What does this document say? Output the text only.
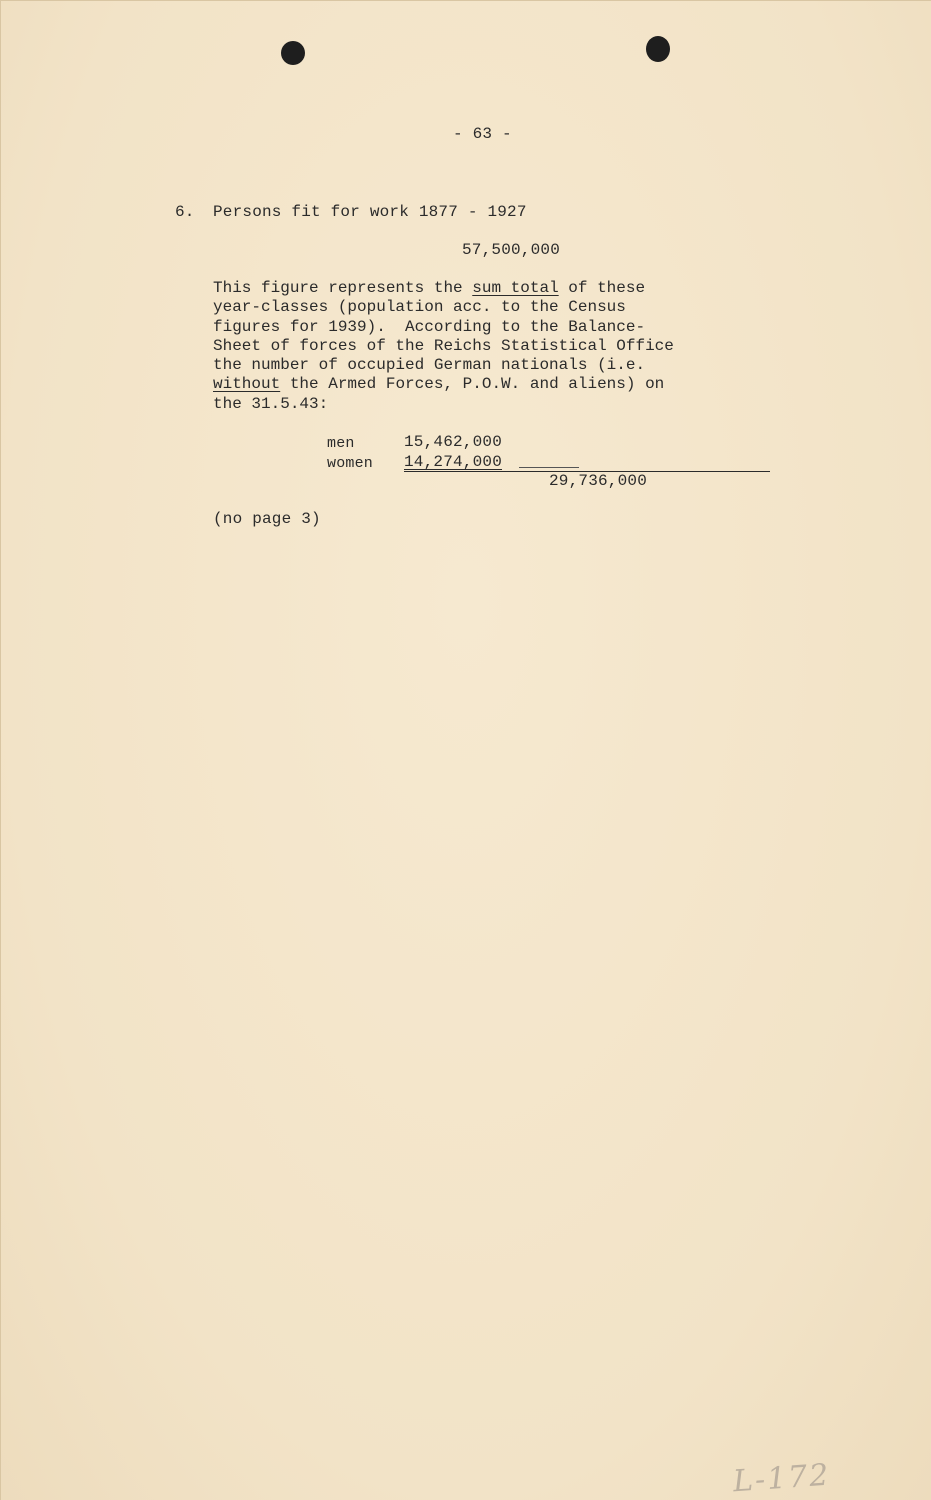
- 63 -
6. Persons fit for work 1877 - 1927
57,500,000
This figure represents the sum total of these
year-classes (population acc. to the Census
figures for 1939).  According to the Balance-
Sheet of forces of the Reichs Statistical Office
the number of occupied German nationals (i.e.
without the Armed Forces, P.O.W. and aliens) on
the 31.5.43:
men	15,462,000
women 14,274,000
29,736,000
(no page 3)
L-172
